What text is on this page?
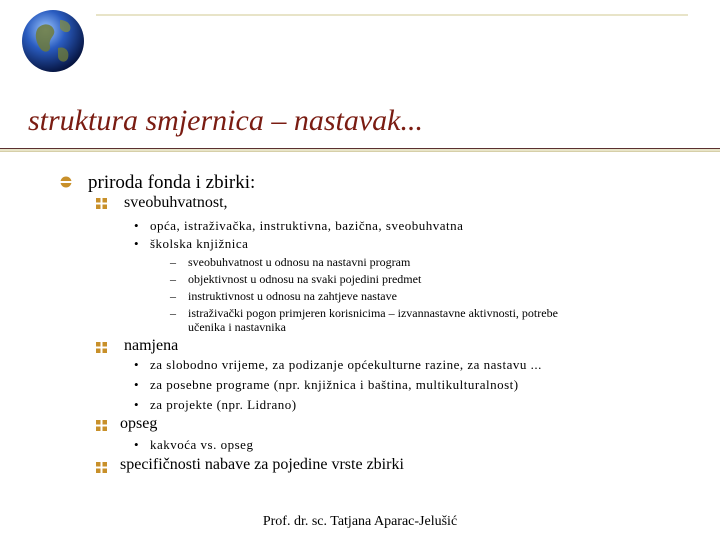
struktura smjernica – nastavak...
priroda fonda i zbirki:
sveobuhvatnost,
• opća, istraživačka, instruktivna, bazična, sveobuhvatna
• školska knjižnica
– sveobuhvatnost u odnosu na nastavni program
– objektivnost u odnosu na svaki pojedini predmet
– instruktivnost u odnosu na zahtjeve nastave
– istraživački pogon primjeren korisnicima – izvannastavne aktivnosti, potrebe
učenika i nastavnika
namjena
• za slobodno vrijeme, za podizanje općekulturne razine, za nastavu ...
• za posebne programe (npr. knjižnica i baština, multikulturalnost)
• za projekte (npr. Lidrano)
opseg
• kakvoća vs. opseg
specifičnosti nabave za pojedine vrste zbirki
Prof. dr. sc. Tatjana Aparac-Jelušić
